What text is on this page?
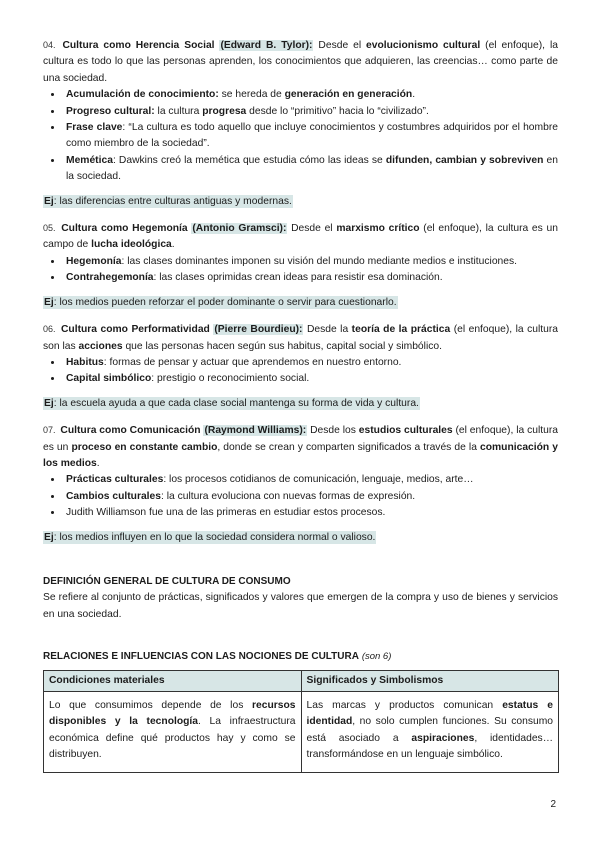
04. Cultura como Herencia Social (Edward B. Tylor): Desde el evolucionismo cultural (el enfoque), la cultura es todo lo que las personas aprenden, los conocimientos que adquieren, las creencias… como parte de una sociedad.

• Acumulación de conocimiento: se hereda de generación en generación.
• Progreso cultural: la cultura progresa desde lo “primitivo” hacia lo “civilizado”.
• Frase clave: “La cultura es todo aquello que incluye conocimientos y costumbres adquiridos por el hombre como miembro de la sociedad”.
• Memética: Dawkins creó la memética que estudia cómo las ideas se difunden, cambian y sobreviven en la sociedad.

Ej: las diferencias entre culturas antiguas y modernas.

05. Cultura como Hegemonía (Antonio Gramsci): Desde el marxismo crítico (el enfoque), la cultura es un campo de lucha ideológica.

• Hegemonía: las clases dominantes imponen su visión del mundo mediante medios e instituciones.
• Contrahegemonía: las clases oprimidas crean ideas para resistir esa dominación.

Ej: los medios pueden reforzar el poder dominante o servir para cuestionarlo.

06. Cultura como Performatividad (Pierre Bourdieu): Desde la teoría de la práctica (el enfoque), la cultura son las acciones que las personas hacen según sus habitus, capital social y simbólico.

• Habitus: formas de pensar y actuar que aprendemos en nuestro entorno.
• Capital simbólico: prestigio o reconocimiento social.

Ej: la escuela ayuda a que cada clase social mantenga su forma de vida y cultura.

07. Cultura como Comunicación (Raymond Williams): Desde los estudios culturales (el enfoque), la cultura es un proceso en constante cambio, donde se crean y comparten significados a través de la comunicación y los medios.

• Prácticas culturales: los procesos cotidianos de comunicación, lenguaje, medios, arte…
• Cambios culturales: la cultura evoluciona con nuevas formas de expresión.
• Judith Williamson fue una de las primeras en estudiar estos procesos.

Ej: los medios influyen en lo que la sociedad considera normal o valioso.

DEFINICIÓN GENERAL DE CULTURA DE CONSUMO

Se refiere al conjunto de prácticas, significados y valores que emergen de la compra y uso de bienes y servicios en una sociedad.

RELACIONES E INFLUENCIAS CON LAS NOCIONES DE CULTURA (son 6)

Condiciones materiales	Significados y Simbolismos
Lo que consumimos depende de los recursos disponibles y la tecnología. La infraestructura económica define qué productos hay y como se distribuyen.	Las marcas y productos comunican estatus e identidad, no solo cumplen funciones. Su consumo está asociado a aspiraciones, identidades… transformándose en un lenguaje simbólico.
2
